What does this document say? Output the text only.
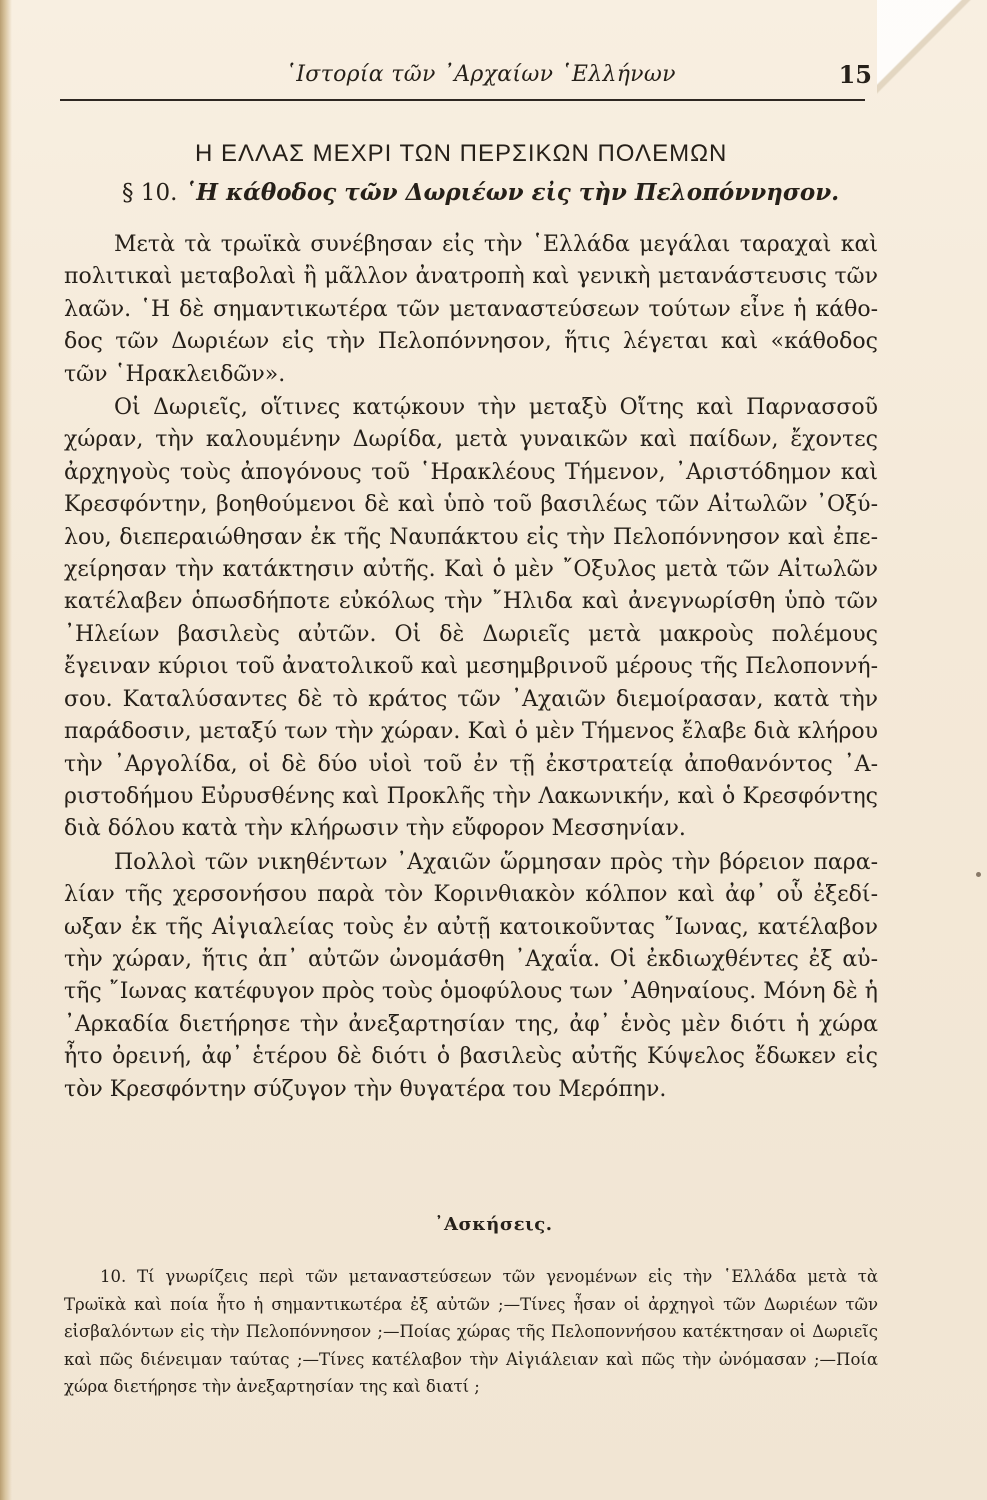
῾Ιστορία τῶν ᾿Αρχαίων ῾Ελλήνων	15
Η ΕΛΛΑΣ ΜΕΧΡΙ ΤΩΝ ΠΕΡΣΙΚΩΝ ΠΟΛΕΜΩΝ
§ 10. ῾Η κάθοδος τῶν Δωριέων εἰς τὴν Πελοπόννησον.

Μετὰ τὰ τρωϊκὰ συνέβησαν εἰς τὴν ῾Ελλάδα μεγάλαι ταραχαὶ καὶ πολιτικαὶ μεταβολαὶ ἢ μᾶλλον ἀνατροπὴ καὶ γενικὴ μετανάστευσις τῶν λαῶν. ῾Η δὲ σημαντικωτέρα τῶν μεταναστεύσεων τούτων εἶνε ἡ κάθοδος τῶν Δωριέων εἰς τὴν Πελοπόννησον, ἥτις λέγεται καὶ «κάθοδος τῶν ῾Ηρακλειδῶν».

Οἱ Δωριεῖς, οἵτινες κατῴκουν τὴν μεταξὺ Οἴτης καὶ Παρνασσοῦ χώραν, τὴν καλουμένην Δωρίδα, μετὰ γυναικῶν καὶ παίδων, ἔχοντες ἀρχηγοὺς τοὺς ἀπογόνους τοῦ ῾Ηρακλέους Τήμενον, ᾿Αριστόδημον καὶ Κρεσφόντην, βοηθούμενοι δὲ καὶ ὑπὸ τοῦ βασιλέως τῶν Αἰτωλῶν ᾿Οξύλου, διεπεραιώθησαν ἐκ τῆς Ναυπάκτου εἰς τὴν Πελοπόννησον καὶ ἐπεχείρησαν τὴν κατάκτησιν αὐτῆς. Καὶ ὁ μὲν ῎Οξυλος μετὰ τῶν Αἰτωλῶν κατέλαβεν ὁπωσδήποτε εὐκόλως τὴν ῎Ηλιδα καὶ ἀνεγνωρίσθη ὑπὸ τῶν ᾿Ηλείων βασιλεὺς αὐτῶν. Οἱ δὲ Δωριεῖς μετὰ μακροὺς πολέμους ἔγειναν κύριοι τοῦ ἀνατολικοῦ καὶ μεσημβρινοῦ μέρους τῆς Πελοποννήσου. Καταλύσαντες δὲ τὸ κράτος τῶν ᾿Αχαιῶν διεμοίρασαν, κατὰ τὴν παράδοσιν, μεταξύ των τὴν χώραν. Καὶ ὁ μὲν Τήμενος ἔλαβε διὰ κλήρου τὴν ᾿Αργολίδα, οἱ δὲ δύο υἱοὶ τοῦ ἐν τῇ ἐκστρατείᾳ ἀποθανόντος ᾿Αριστοδήμου Εὐρυσθένης καὶ Προκλῆς τὴν Λακωνικήν, καὶ ὁ Κρεσφόντης διὰ δόλου κατὰ τὴν κλήρωσιν τὴν εὔφορον Μεσσηνίαν.

Πολλοὶ τῶν νικηθέντων ᾿Αχαιῶν ὥρμησαν πρὸς τὴν βόρειον παραλίαν τῆς χερσονήσου παρὰ τὸν Κορινθιακὸν κόλπον καὶ ἀφ᾿ οὗ ἐξεδίωξαν ἐκ τῆς Αἰγιαλείας τοὺς ἐν αὐτῇ κατοικοῦντας ῎Ιωνας, κατέλαβον τὴν χώραν, ἥτις ἀπ᾿ αὐτῶν ὠνομάσθη ᾿Αχαΐα. Οἱ ἐκδιωχθέντες ἐξ αὐτῆς ῎Ιωνας κατέφυγον πρὸς τοὺς ὁμοφύλους των ᾿Αθηναίους. Μόνη δὲ ἡ ᾿Αρκαδία διετήρησε τὴν ἀνεξαρτησίαν της, ἀφ᾿ ἑνὸς μὲν διότι ἡ χώρα ἦτο ὀρεινή, ἀφ᾿ ἑτέρου δὲ διότι ὁ βασιλεὺς αὐτῆς Κύψελος ἔδωκεν εἰς τὸν Κρεσφόντην σύζυγον τὴν θυγατέρα του Μερόπην.

᾿Ασκήσεις.
10. Τί γνωρίζεις περὶ τῶν μεταναστεύσεων τῶν γενομένων εἰς τὴν ῾Ελλάδα μετὰ τὰ Τρωϊκὰ καὶ ποία ἦτο ἡ σημαντικωτέρα ἐξ αὐτῶν ;—Τίνες ἦσαν οἱ ἀρχηγοὶ τῶν Δωριέων τῶν εἰσβαλόντων εἰς τὴν Πελοπόννησον ;—Ποίας χώρας τῆς Πελοποννήσου κατέκτησαν οἱ Δωριεῖς καὶ πῶς διένειμαν ταύτας ;—Τίνες κατέλαβον τὴν Αἰγιάλειαν καὶ πῶς τὴν ὠνόμασαν ;—Ποία χώρα διετήρησε τὴν ἀνεξαρτησίαν της καὶ διατί ;
